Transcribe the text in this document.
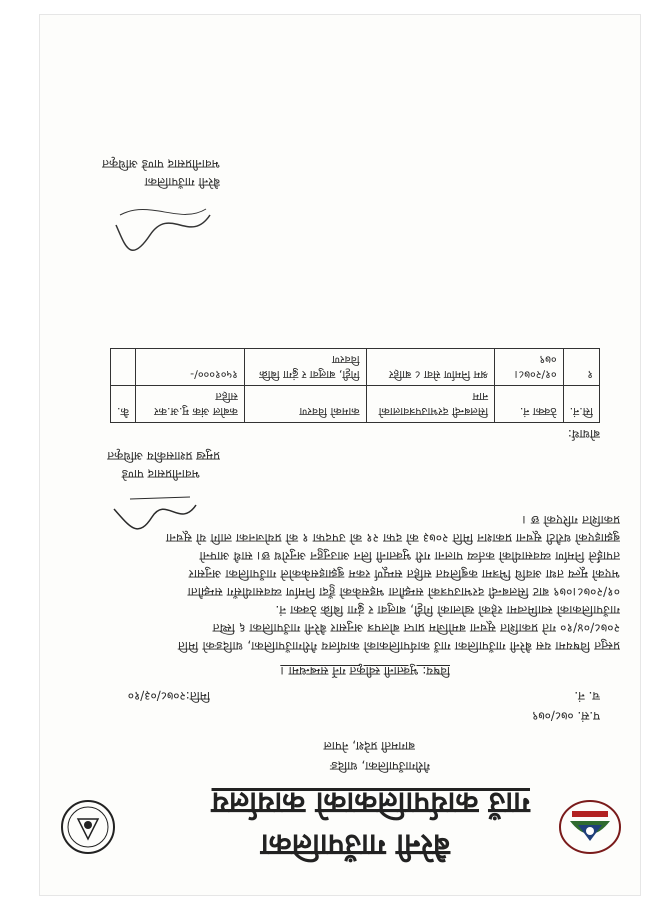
बैरेनी गाउँपालिका
गाउँ कार्यपालिकाको कार्यालय
गैरीगाउँपालिका, धादिङ
बागमती प्रदेश, नेपाल
प.सं. ०७८/०७९
च. नं.
मिति:२०७८/०३/१०
विषय: भुक्तानी स्वीकृत गर्ने सम्बन्धमा ।
प्रस्तुत विषयमा यस बैरेनी गाउँपालिका गाउँ कार्यपालिकाको कार्यालय गैरीगाउँपालिका, धादिङको मिति
२०७८/०४/१० गते प्रकाशित सूचना बमोजिम प्राप्त बोलपत्र अनुसार बैरेनी गाउँपालिका ६ स्थित
गाउँपालिकाको स्वामित्वमा रहेको खोलाको गिट्टी, बालुवा र ढुंगा बिक्रि ठेक्का नं.
०१/२०७८।०७९ बाट सिलबन्दी दरभाउपत्रको सम्झौता भइसकेको हुँदा निर्माण व्यवसायीसँग सम्झौता
भएको मूल्य तथा अवधि भित्रमा कबुलियत सहित सम्पूर्ण रकम बुझाइसकेकोले गाउँपालिका अनुसार
तपाईंले निर्माण व्यवसायीको कर्तव्य पालना गरी भुक्तानी लिन आउनुहुन अनुरोध छ। साथै आफ्नो
बुझाइएको धरौटी सूचना प्रकाशन मिति २०७३ को दफा २१ को उपदफा १ को प्रयोजनका लागि यो सूचना
प्रकाशित गरिएको छ ।
भवानीप्रसाद पाण्डे
प्रमुख प्रशासकीय अधिकृत
बोधार्थ:
सि.नं.	ठेक्का नं.	सिलबन्दी दरभाउपत्रवालाको नाम	कामको विवरण	कबोल अंक मु.अ.कर सहित	कै.
१	०१/२०७८।०७९	श्रम निर्माण सेवा ८ बाहिर	गिट्टी, बालुवा र ढुंगा बिक्रि विवरण	१५०१०००/-	
बैरेनी गाउँपालिका
भवानीप्रसाद पाण्डे अधिकृत
